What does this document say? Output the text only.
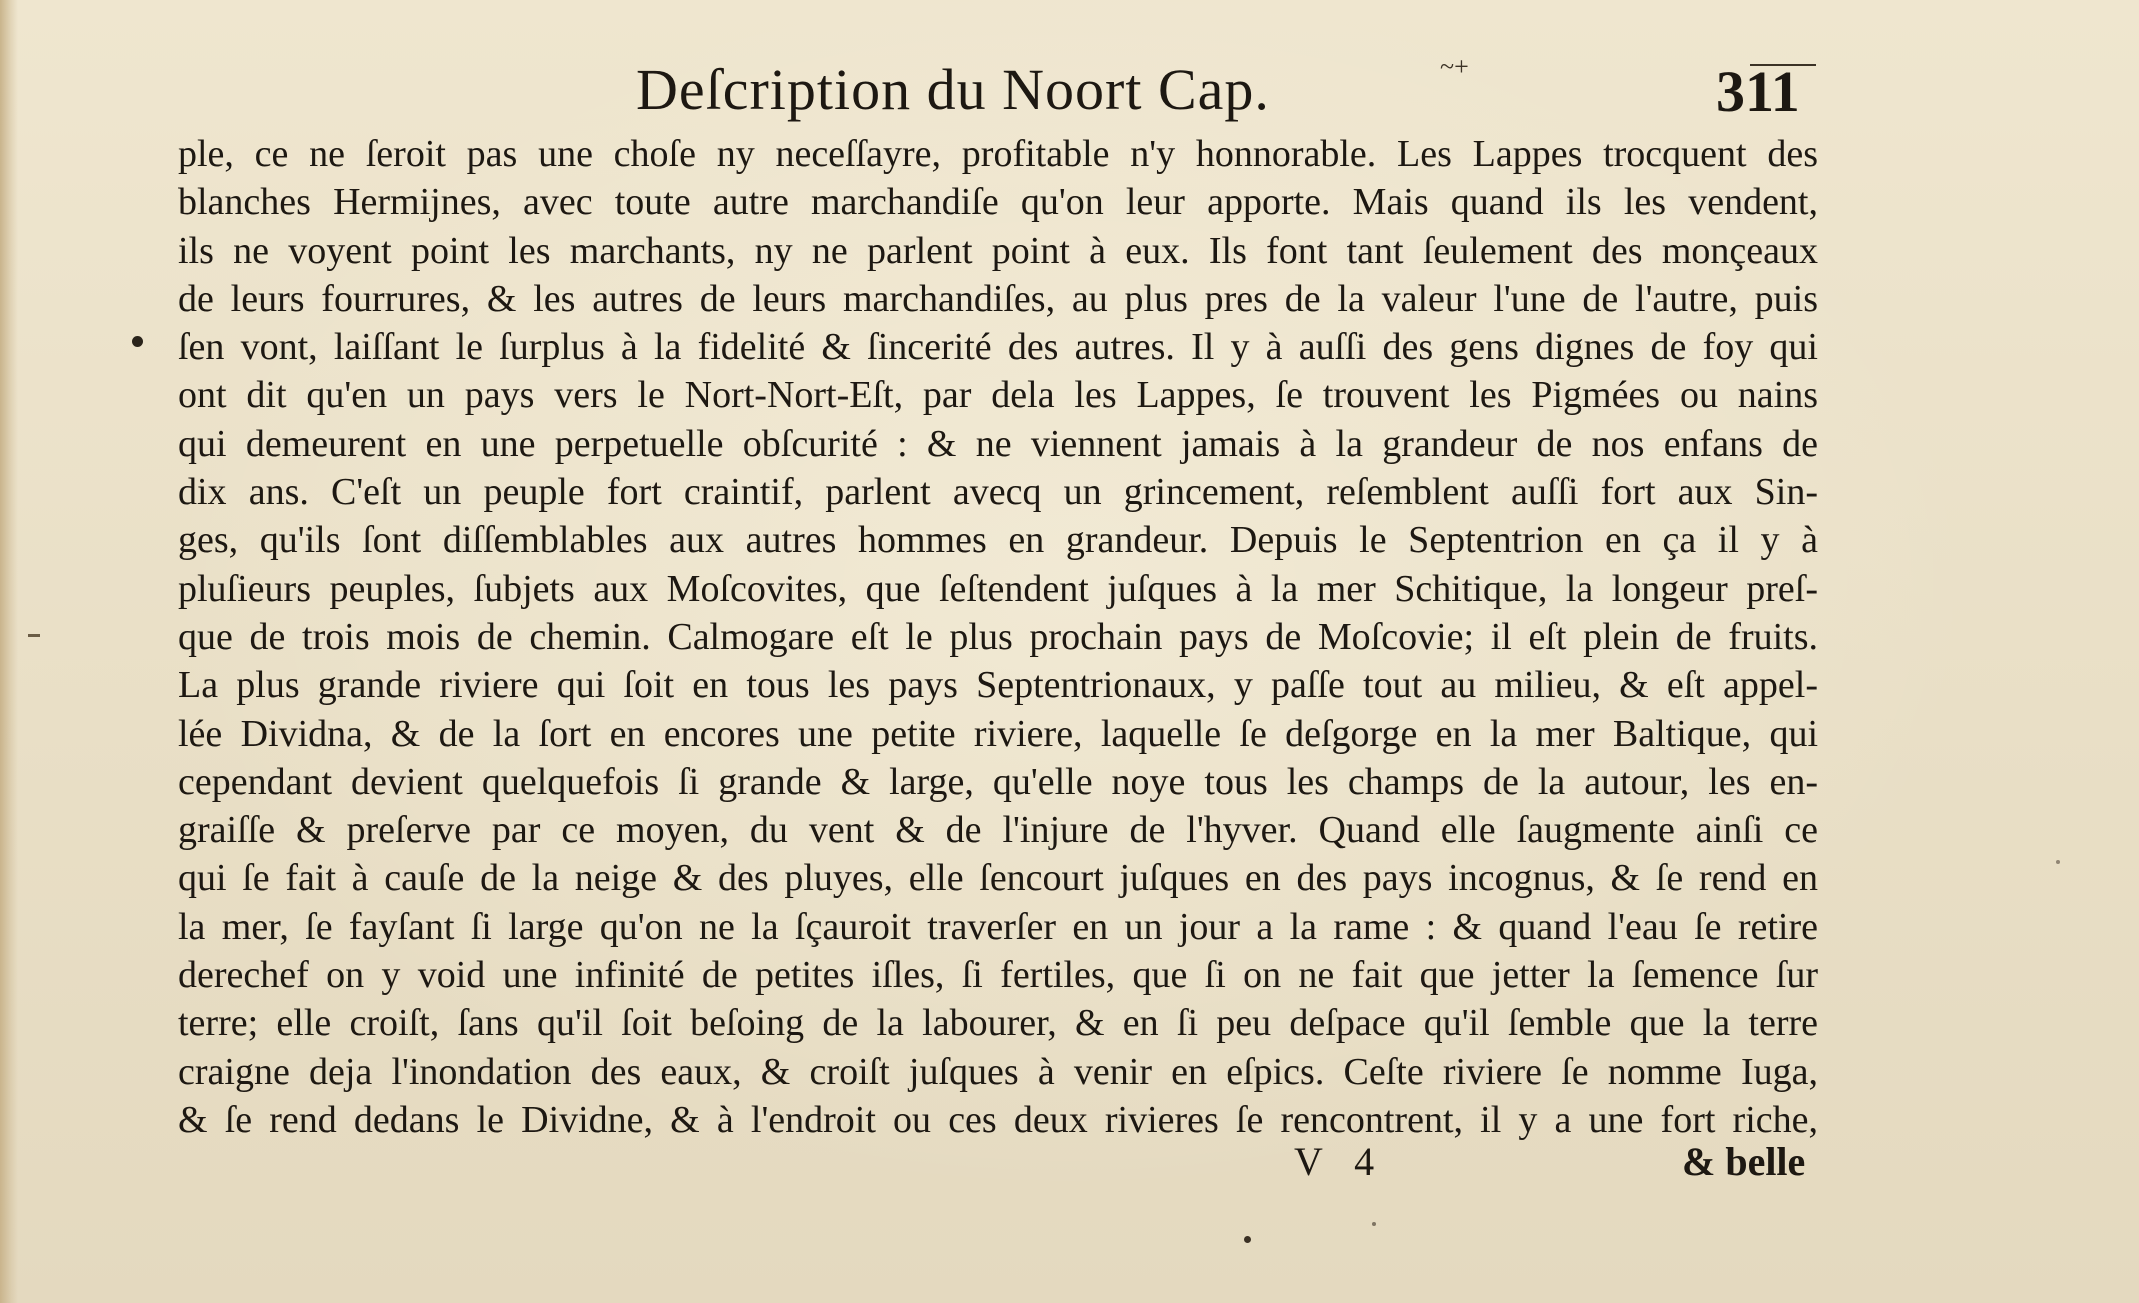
Deſcription du Noort Cap.	~+	311
ple, ce ne ſeroit pas une choſe ny neceſſayre, profitable n'y honnorable. Les Lappes trocquent des
blanches Hermijnes, avec toute autre marchandiſe qu'on leur apporte. Mais quand ils les vendent,
ils ne voyent point les marchants, ny ne parlent point à eux. Ils font tant ſeulement des monçeaux
de leurs fourrures, & les autres de leurs marchandiſes, au plus pres de la valeur l'une de l'autre, puis
ſen vont, laiſſant le ſurplus à la fidelité & ſincerité des autres. Il y à auſſi des gens dignes de foy qui
ont dit qu'en un pays vers le Nort-Nort-Eſt, par dela les Lappes, ſe trouvent les Pigmées ou nains
qui demeurent en une perpetuelle obſcurité : & ne viennent jamais à la grandeur de nos enfans de
dix ans. C'eſt un peuple fort craintif, parlent avecq un grincement, reſemblent auſſi fort aux Sin-
ges, qu'ils ſont diſſemblables aux autres hommes en grandeur. Depuis le Septentrion en ça il y à
pluſieurs peuples, ſubjets aux Moſcovites, que ſeſtendent juſques à la mer Schitique, la longeur preſ-
que de trois mois de chemin. Calmogare eſt le plus prochain pays de Moſcovie; il eſt plein de fruits.
La plus grande riviere qui ſoit en tous les pays Septentrionaux, y paſſe tout au milieu, & eſt appel-
lée Dividna, & de la ſort en encores une petite riviere, laquelle ſe deſgorge en la mer Baltique, qui
cependant devient quelquefois ſi grande & large, qu'elle noye tous les champs de la autour, les en-
graiſſe & preſerve par ce moyen, du vent & de l'injure de l'hyver. Quand elle ſaugmente ainſi ce
qui ſe fait à cauſe de la neige & des pluyes, elle ſencourt juſques en des pays incognus, & ſe rend en
la mer, ſe fayſant ſi large qu'on ne la ſçauroit traverſer en un jour a la rame : & quand l'eau ſe retire
derechef on y void une infinité de petites iſles, ſi fertiles, que ſi on ne fait que jetter la ſemence ſur
terre; elle croiſt, ſans qu'il ſoit beſoing de la labourer, & en ſi peu deſpace qu'il ſemble que la terre
craigne deja l'inondation des eaux, & croiſt juſques à venir en eſpics. Ceſte riviere ſe nomme Iuga,
& ſe rend dedans le Dividne, & à l'endroit ou ces deux rivieres ſe rencontrent, il y a une fort riche,
V 4	& belle
